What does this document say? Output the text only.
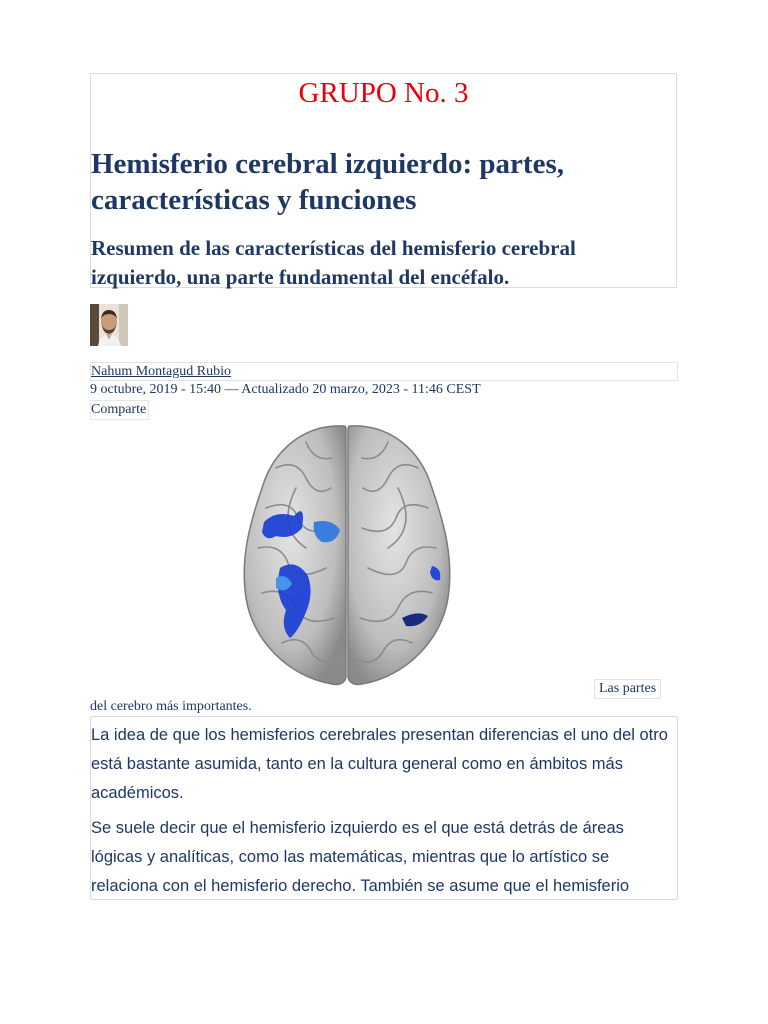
GRUPO No. 3
Hemisferio cerebral izquierdo: partes, características y funciones
Resumen de las características del hemisferio cerebral izquierdo, una parte fundamental del encéfalo.
Nahum Montagud Rubio
9 octubre, 2019 - 15:40 — Actualizado 20 marzo, 2023 - 11:46 CEST
Comparte
Las partes
del cerebro más importantes.

La idea de que los hemisferios cerebrales presentan diferencias el uno del otro está bastante asumida, tanto en la cultura general como en ámbitos más académicos.

Se suele decir que el hemisferio izquierdo es el que está detrás de áreas lógicas y analíticas, como las matemáticas, mientras que lo artístico se relaciona con el hemisferio derecho. También se asume que el hemisferio
